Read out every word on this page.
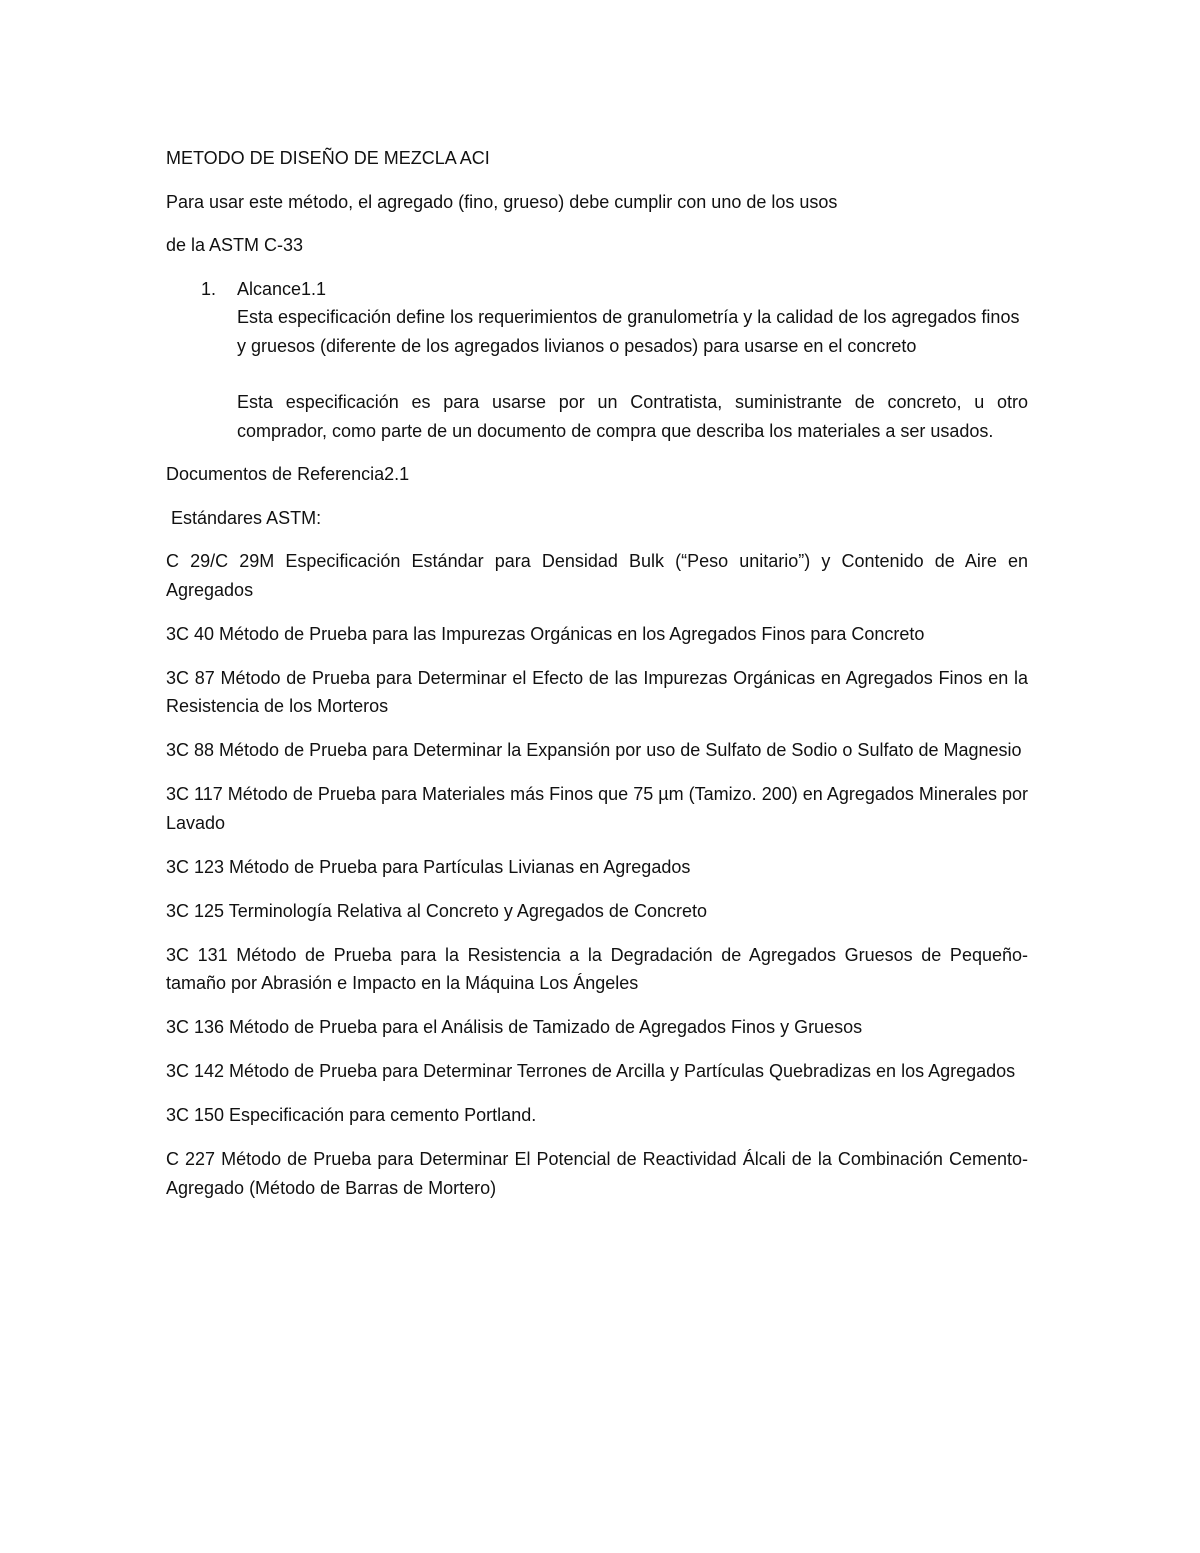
METODO DE DISEÑO DE MEZCLA ACI

Para usar este método, el agregado (fino, grueso) debe cumplir con uno de los usos

de la ASTM C-33

1. Alcance1.1

Esta especificación define los requerimientos de granulometría y la calidad de los agregados finos y gruesos (diferente de los agregados livianos o pesados) para usarse en el concreto

Esta especificación es para usarse por un Contratista, suministrante de concreto, u otro comprador, como parte de un documento de compra que describa los materiales a ser usados.

Documentos de Referencia2.1

Estándares ASTM:

C 29/C 29M Especificación Estándar para Densidad Bulk (“Peso unitario”) y Contenido de Aire en Agregados

3C 40 Método de Prueba para las Impurezas Orgánicas en los Agregados Finos para Concreto

3C 87 Método de Prueba para Determinar el Efecto de las Impurezas Orgánicas en Agregados Finos en la Resistencia de los Morteros

3C 88 Método de Prueba para Determinar la Expansión por uso de Sulfato de Sodio o Sulfato de Magnesio

3C 117 Método de Prueba para Materiales más Finos que 75 µm (Tamizo. 200) en Agregados Minerales por Lavado

3C 123 Método de Prueba para Partículas Livianas en Agregados

3C 125 Terminología Relativa al Concreto y Agregados de Concreto

3C 131 Método de Prueba para la Resistencia a la Degradación de Agregados Gruesos de Pequeño-tamaño por Abrasión e Impacto en la Máquina Los Ángeles

3C 136 Método de Prueba para el Análisis de Tamizado de Agregados Finos y Gruesos

3C 142 Método de Prueba para Determinar Terrones de Arcilla y Partículas Quebradizas en los Agregados

3C 150 Especificación para cemento Portland.

C 227 Método de Prueba para Determinar El Potencial de Reactividad Álcali de la Combinación Cemento-Agregado (Método de Barras de Mortero)
